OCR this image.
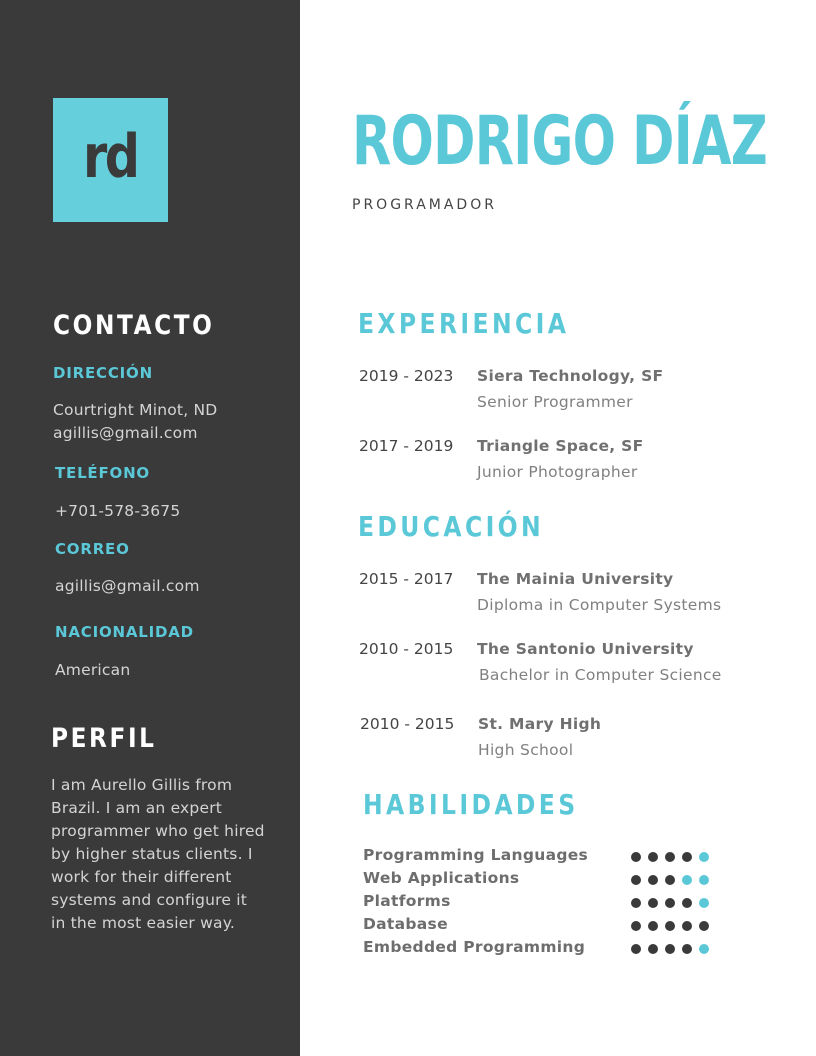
rd
CONTACTO

DIRECCIÓN

Courtright Minot, ND
agillis@gmail.com

TELÉFONO

+701-578-3675

CORREO

agillis@gmail.com

NACIONALIDAD

American

PERFIL

I am Aurello Gillis from Brazil. I am an expert programmer who get hired by higher status clients. I work for their different systems and configure it in the most easier way.

RODRIGO DÍAZ

PROGRAMADOR

EXPERIENCIA
2019 - 2023 Siera Technology, SF
Senior Programmer
2017 - 2019 Triangle Space, SF
Junior Photographer
EDUCACIÓN
2015 - 2017 The Mainia University
Diploma in Computer Systems
2010 - 2015 The Santonio University
Bachelor in Computer Science
2010 - 2015 St. Mary High
High School
HABILIDADES
Programming Languages
Web Applications
Platforms
Database
Embedded Programming
